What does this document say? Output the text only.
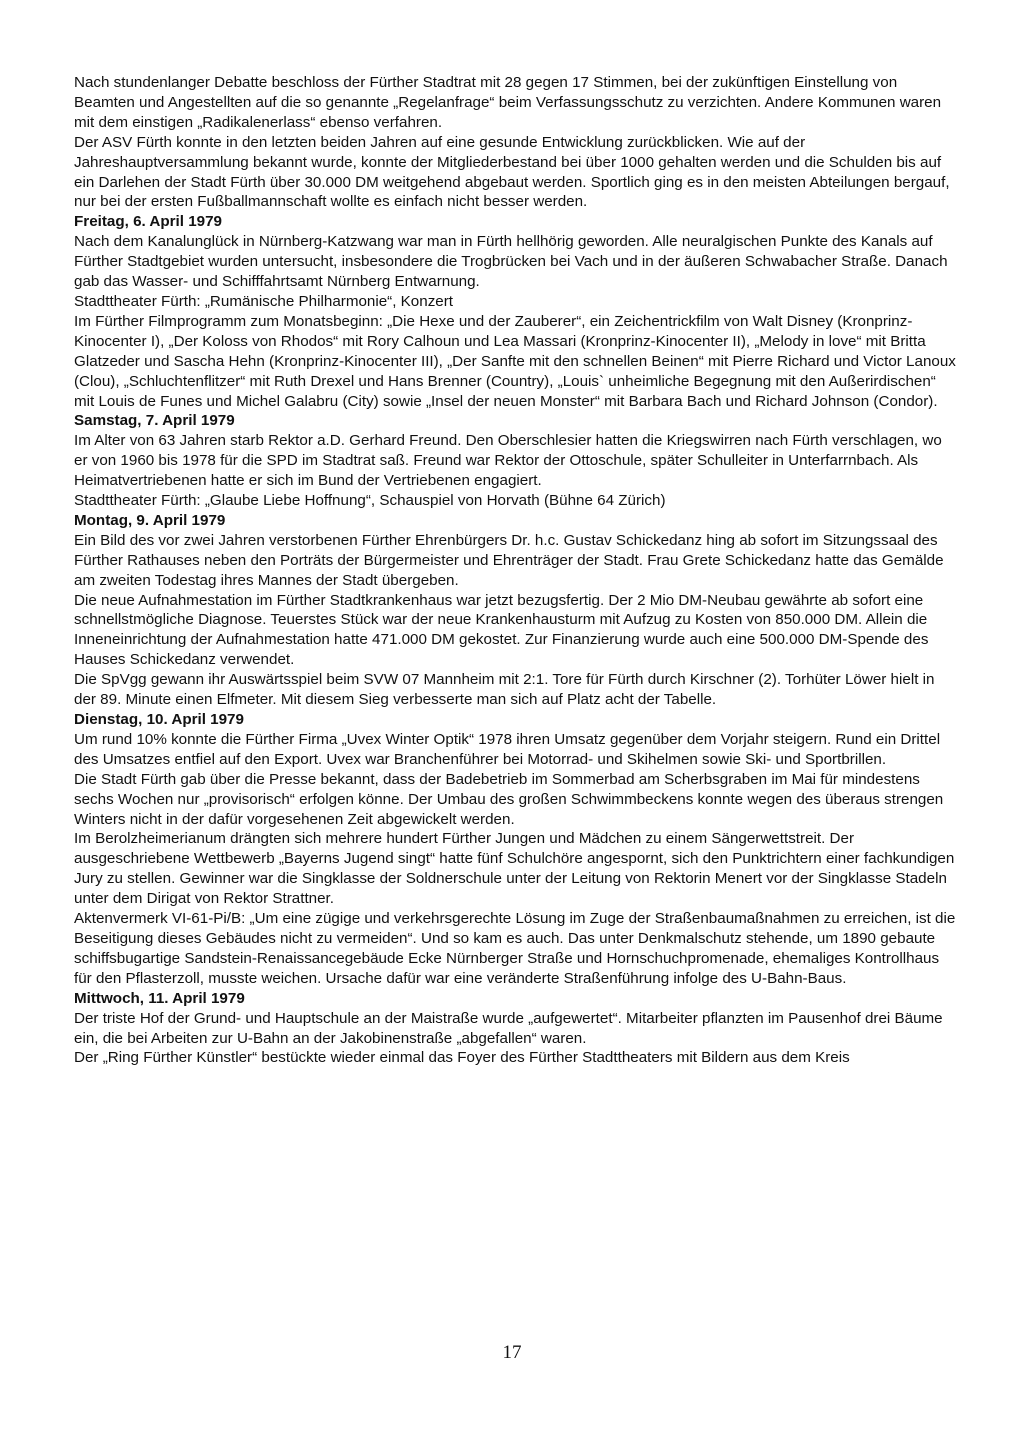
Nach stundenlanger Debatte beschloss der Fürther Stadtrat mit 28 gegen 17 Stimmen, bei der zukünftigen Einstellung von Beamten und Angestellten auf die so genannte „Regelanfrage“ beim Verfassungsschutz zu verzichten. Andere Kommunen waren mit dem einstigen „Radikalenerlass“ ebenso verfahren.

Der ASV Fürth konnte in den letzten beiden Jahren auf eine gesunde Entwicklung zurückblicken. Wie auf der Jahreshauptversammlung bekannt wurde, konnte der Mitgliederbestand bei über 1000 gehalten werden und die Schulden bis auf ein Darlehen der Stadt Fürth über 30.000 DM weitgehend abgebaut werden. Sportlich ging es in den meisten Abteilungen bergauf, nur bei der ersten Fußballmannschaft wollte es einfach nicht besser werden.

Freitag, 6. April 1979

Nach dem Kanalunglück in Nürnberg-Katzwang war man in Fürth hellhörig geworden. Alle neuralgischen Punkte des Kanals auf Fürther Stadtgebiet wurden untersucht, insbesondere die Trogbrücken bei Vach und in der äußeren Schwabacher Straße. Danach gab das Wasser- und Schifffahrtsamt Nürnberg Entwarnung.

Stadttheater Fürth: „Rumänische Philharmonie“, Konzert

Im Fürther Filmprogramm zum Monatsbeginn: „Die Hexe und der Zauberer“, ein Zeichentrickfilm von Walt Disney (Kronprinz-Kinocenter I), „Der Koloss von Rhodos“ mit Rory Calhoun und Lea Massari (Kronprinz-Kinocenter II), „Melody in love“ mit Britta Glatzeder und Sascha Hehn (Kronprinz-Kinocenter III), „Der Sanfte mit den schnellen Beinen“ mit Pierre Richard und Victor Lanoux (Clou), „Schluchtenflitzer“ mit Ruth Drexel und Hans Brenner (Country), „Louis` unheimliche Begegnung mit den Außerirdischen“ mit Louis de Funes und Michel Galabru (City) sowie „Insel der neuen Monster“ mit Barbara Bach und Richard Johnson (Condor).

Samstag, 7. April 1979

Im Alter von 63 Jahren starb Rektor a.D. Gerhard Freund. Den Oberschlesier hatten die Kriegswirren nach Fürth verschlagen, wo er von 1960 bis 1978 für die SPD im Stadtrat saß. Freund war Rektor der Ottoschule, später Schulleiter in Unterfarrnbach. Als Heimatvertriebenen hatte er sich im Bund der Vertriebenen engagiert.

Stadttheater Fürth: „Glaube Liebe Hoffnung“, Schauspiel von Horvath (Bühne 64 Zürich)

Montag, 9. April 1979

Ein Bild des vor zwei Jahren verstorbenen Fürther Ehrenbürgers Dr. h.c. Gustav Schickedanz hing ab sofort im Sitzungssaal des Fürther Rathauses neben den Porträts der Bürgermeister und Ehrenträger der Stadt. Frau Grete Schickedanz hatte das Gemälde am zweiten Todestag ihres Mannes der Stadt übergeben.

Die neue Aufnahmestation im Fürther Stadtkrankenhaus war jetzt bezugsfertig. Der 2 Mio DM-Neubau gewährte ab sofort eine schnellstmögliche Diagnose. Teuerstes Stück war der neue Krankenhausturm mit Aufzug zu Kosten von 850.000 DM. Allein die Inneneinrichtung der Aufnahmestation hatte 471.000 DM gekostet. Zur Finanzierung wurde auch eine 500.000 DM-Spende des Hauses Schickedanz verwendet.

Die SpVgg gewann ihr Auswärtsspiel beim SVW 07 Mannheim mit 2:1. Tore für Fürth durch Kirschner (2). Torhüter Löwer hielt in der 89. Minute einen Elfmeter. Mit diesem Sieg verbesserte man sich auf Platz acht der Tabelle.

Dienstag, 10. April 1979

Um rund 10% konnte die Fürther Firma „Uvex Winter Optik“ 1978 ihren Umsatz gegenüber dem Vorjahr steigern. Rund ein Drittel des Umsatzes entfiel auf den Export. Uvex war Branchenführer bei Motorrad- und Skihelmen sowie Ski- und Sportbrillen.

Die Stadt Fürth gab über die Presse bekannt, dass der Badebetrieb im Sommerbad am Scherbsgraben im Mai für mindestens sechs Wochen nur „provisorisch“ erfolgen könne. Der Umbau des großen Schwimmbeckens konnte wegen des überaus strengen Winters nicht in der dafür vorgesehenen Zeit abgewickelt werden.

Im Berolzheimerianum drängten sich mehrere hundert Fürther Jungen und Mädchen zu einem Sängerwettstreit. Der ausgeschriebene Wettbewerb „Bayerns Jugend singt“ hatte fünf Schulchöre angespornt, sich den Punktrichtern einer fachkundigen Jury zu stellen. Gewinner war die Singklasse der Soldnerschule unter der Leitung von Rektorin Menert vor der Singklasse Stadeln unter dem Dirigat von Rektor Strattner.

Aktenvermerk VI-61-Pi/B: „Um eine zügige und verkehrsgerechte Lösung im Zuge der Straßenbaumaßnahmen zu erreichen, ist die Beseitigung dieses Gebäudes nicht zu vermeiden“. Und so kam es auch. Das unter Denkmalschutz stehende, um 1890 gebaute schiffsbugartige Sandstein-Renaissancegebäude Ecke Nürnberger Straße und Hornschuchpromenade, ehemaliges Kontrollhaus für den Pflasterzoll, musste weichen. Ursache dafür war eine veränderte Straßenführung infolge des U-Bahn-Baus.

Mittwoch, 11. April 1979

Der triste Hof der Grund- und Hauptschule an der Maistraße wurde „aufgewertet“. Mitarbeiter pflanzten im Pausenhof drei Bäume ein, die bei Arbeiten zur U-Bahn an der Jakobinenstraße „abgefallen“ waren.

Der „Ring Fürther Künstler“ bestückte wieder einmal das Foyer des Fürther Stadttheaters mit Bildern aus dem Kreis

17
